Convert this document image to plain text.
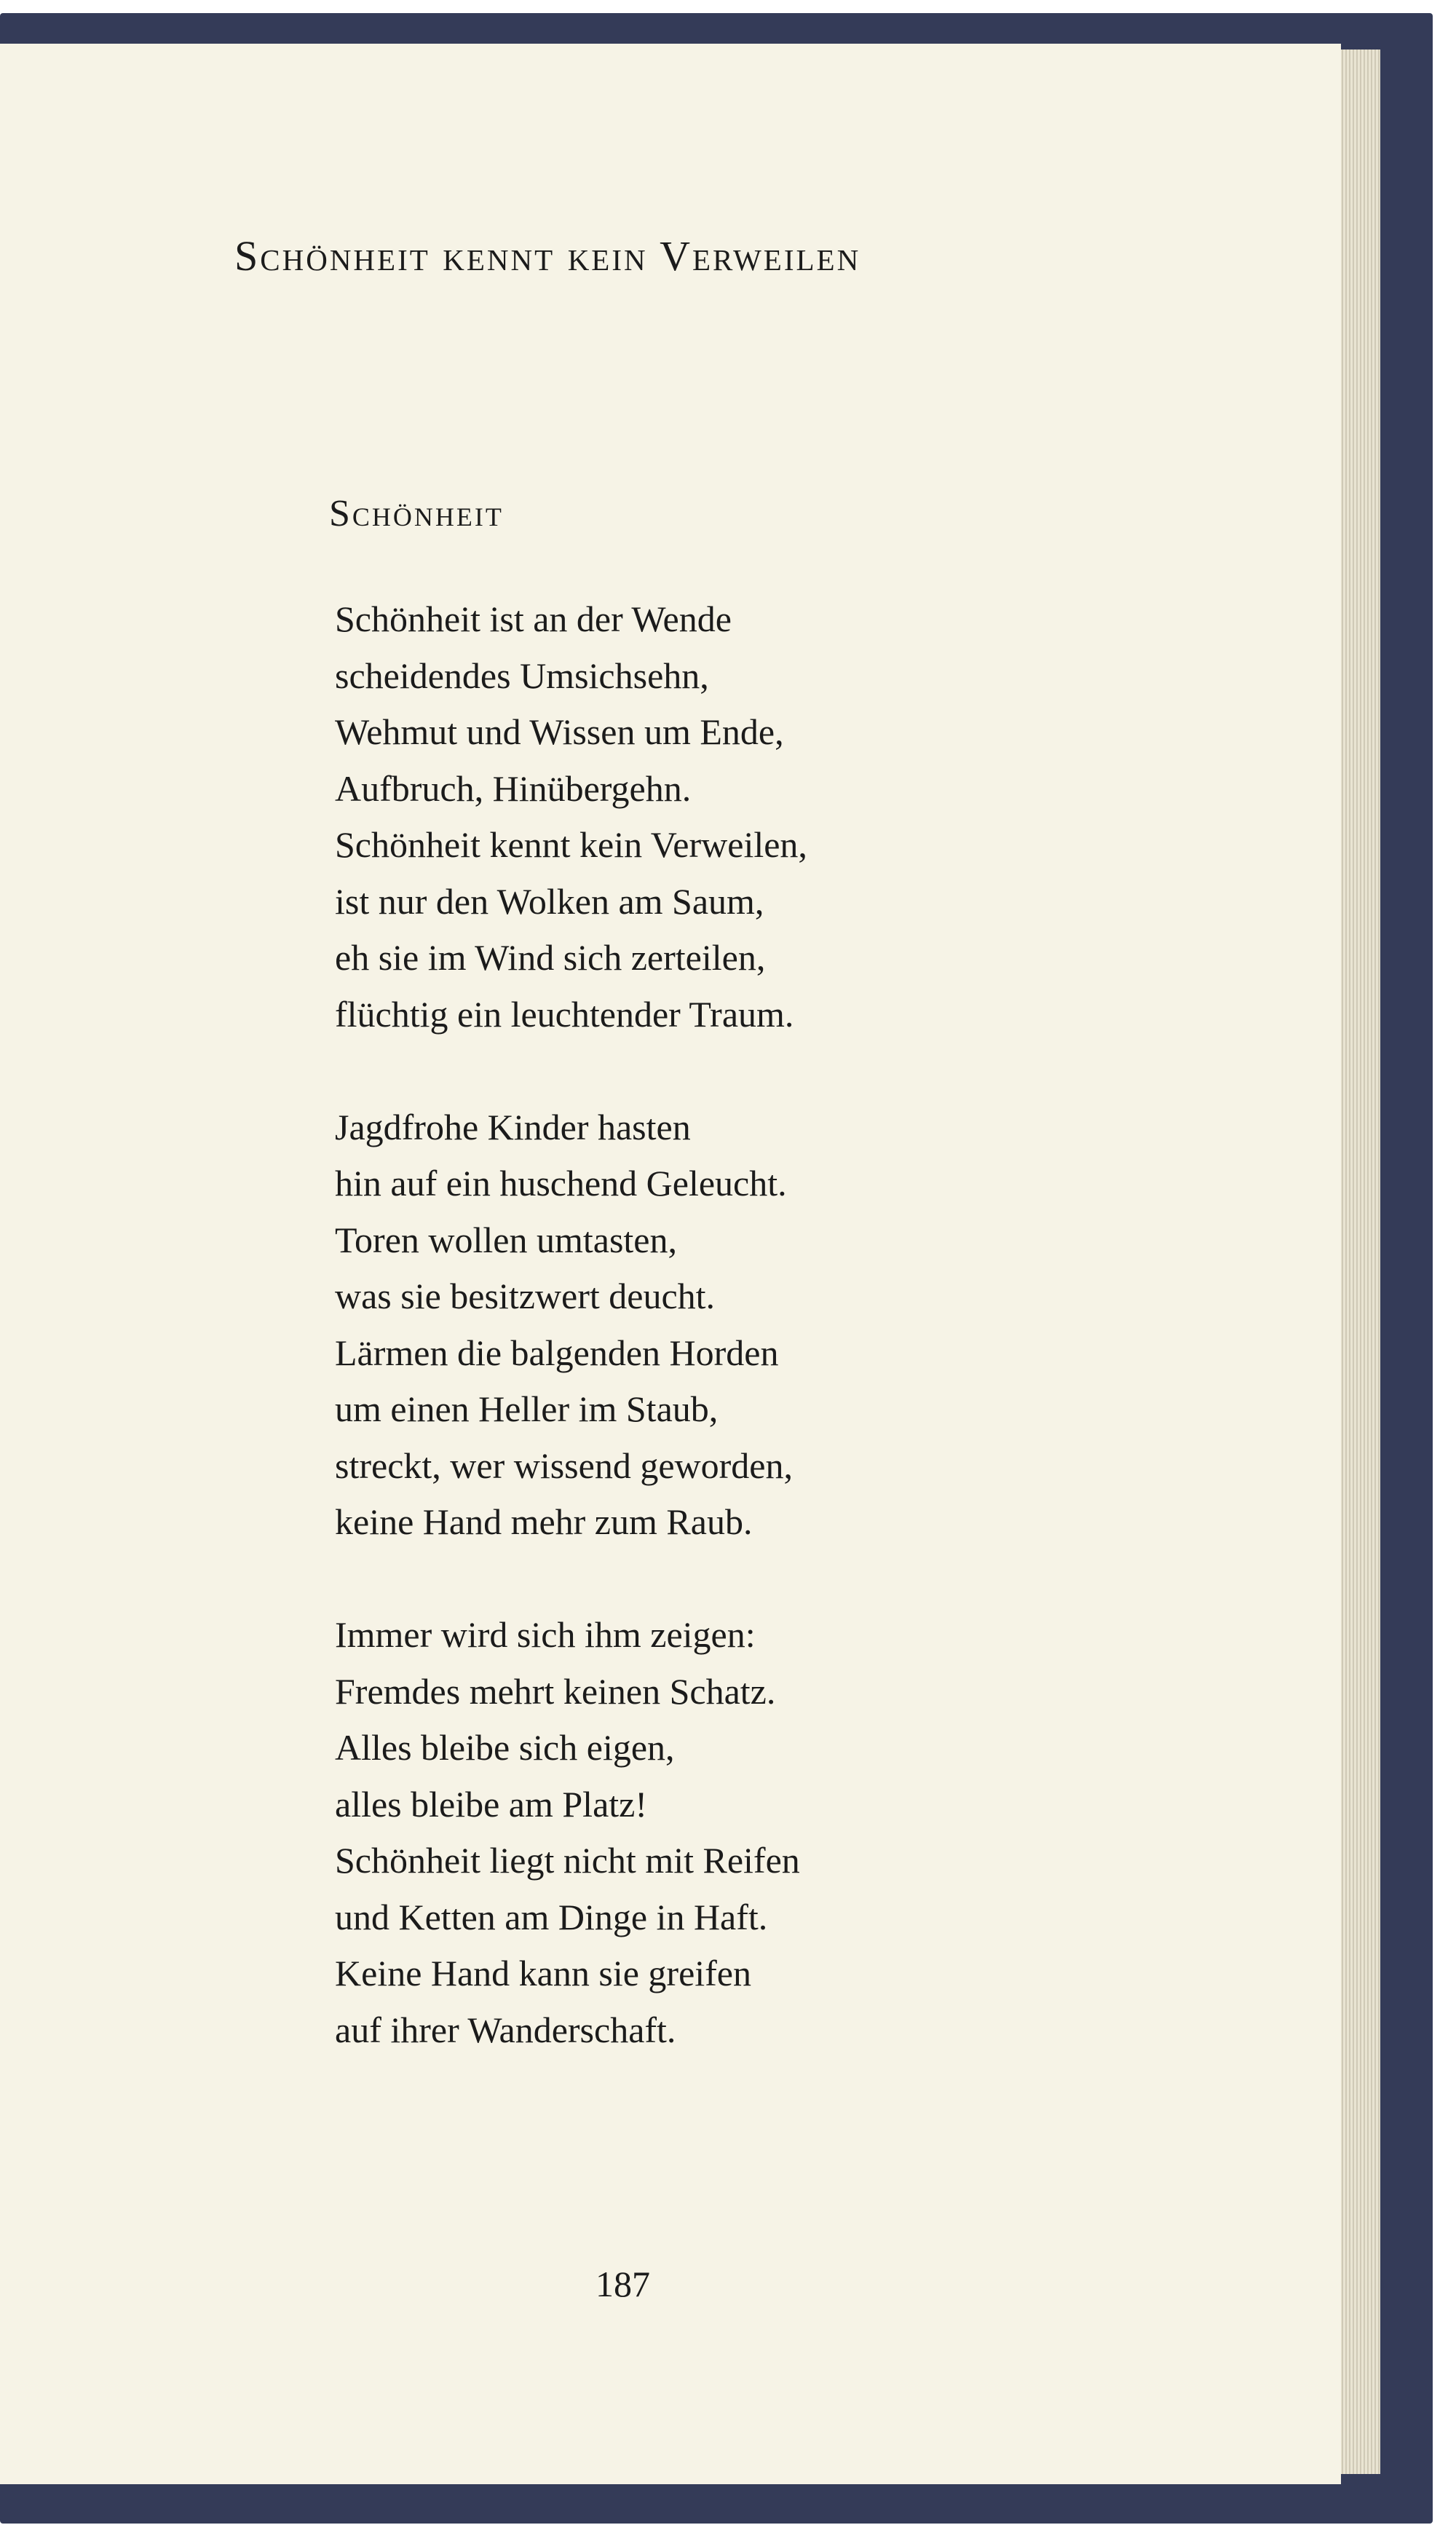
Schönheit kennt kein Verweilen
Schönheit
Schönheit ist an der Wende
scheidendes Umsichsehn,
Wehmut und Wissen um Ende,
Aufbruch, Hinübergehn.
Schönheit kennt kein Verweilen,
ist nur den Wolken am Saum,
eh sie im Wind sich zerteilen,
flüchtig ein leuchtender Traum.
Jagdfrohe Kinder hasten
hin auf ein huschend Geleucht.
Toren wollen umtasten,
was sie besitzwert deucht.
Lärmen die balgenden Horden
um einen Heller im Staub,
streckt, wer wissend geworden,
keine Hand mehr zum Raub.
Immer wird sich ihm zeigen:
Fremdes mehrt keinen Schatz.
Alles bleibe sich eigen,
alles bleibe am Platz!
Schönheit liegt nicht mit Reifen
und Ketten am Dinge in Haft.
Keine Hand kann sie greifen
auf ihrer Wanderschaft.
187
